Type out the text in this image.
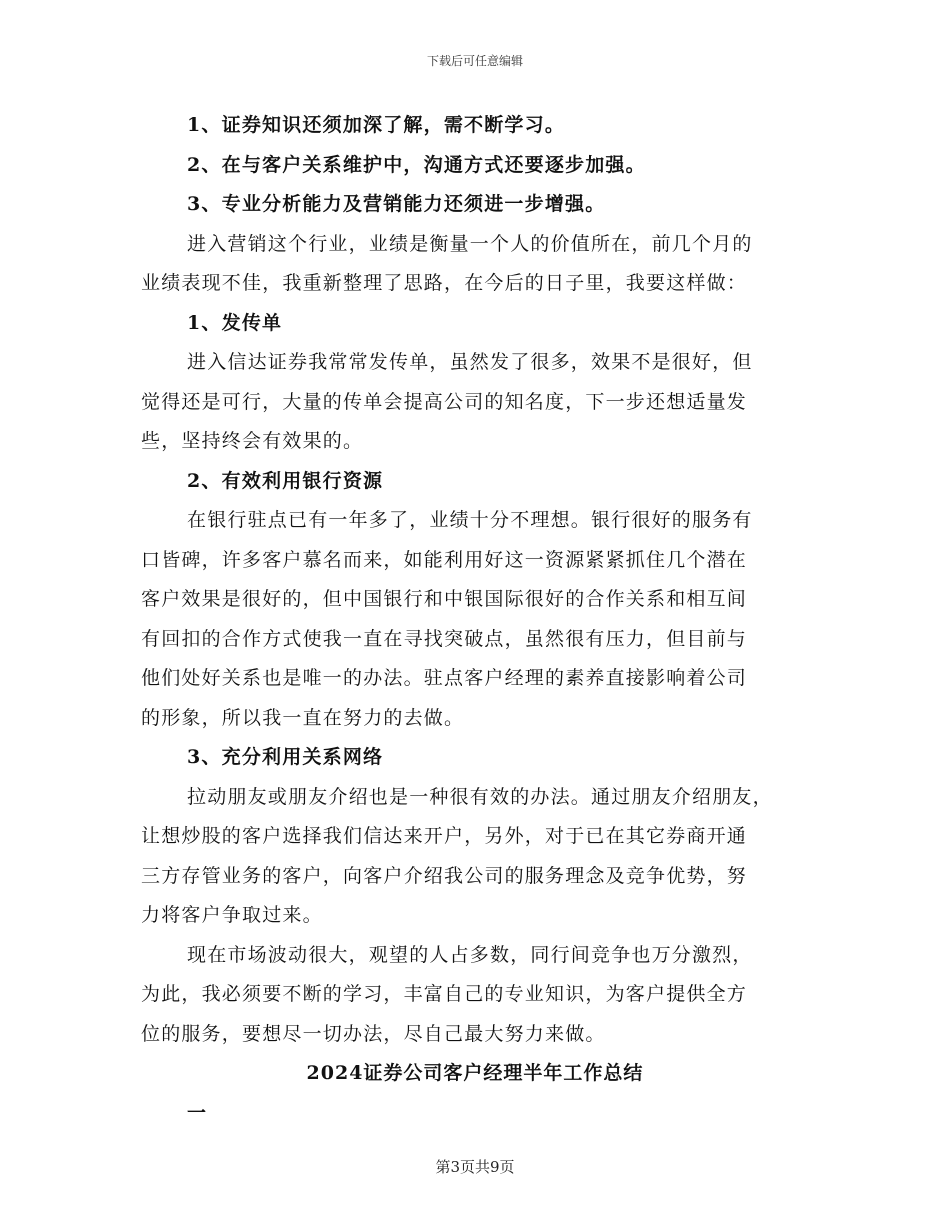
下载后可任意编辑
1、证券知识还须加深了解，需不断学习。
2、在与客户关系维护中，沟通方式还要逐步加强。
3、专业分析能力及营销能力还须进一步增强。
进入营销这个行业，业绩是衡量一个人的价值所在，前几个月的
业绩表现不佳，我重新整理了思路，在今后的日子里，我要这样做：
1、发传单
进入信达证券我常常发传单，虽然发了很多，效果不是很好，但
觉得还是可行，大量的传单会提高公司的知名度，下一步还想适量发
些，坚持终会有效果的。
2、有效利用银行资源
在银行驻点已有一年多了，业绩十分不理想。银行很好的服务有
口皆碑，许多客户慕名而来，如能利用好这一资源紧紧抓住几个潜在
客户效果是很好的，但中国银行和中银国际很好的合作关系和相互间
有回扣的合作方式使我一直在寻找突破点，虽然很有压力，但目前与
他们处好关系也是唯一的办法。驻点客户经理的素养直接影响着公司
的形象，所以我一直在努力的去做。
3、充分利用关系网络
拉动朋友或朋友介绍也是一种很有效的办法。通过朋友介绍朋友，
让想炒股的客户选择我们信达来开户，另外，对于已在其它券商开通
三方存管业务的客户，向客户介绍我公司的服务理念及竞争优势，努
力将客户争取过来。
现在市场波动很大，观望的人占多数，同行间竞争也万分激烈，
为此，我必须要不断的学习，丰富自己的专业知识，为客户提供全方
位的服务，要想尽一切办法，尽自己最大努力来做。
2024证券公司客户经理半年工作总结
一
第3页共9页
